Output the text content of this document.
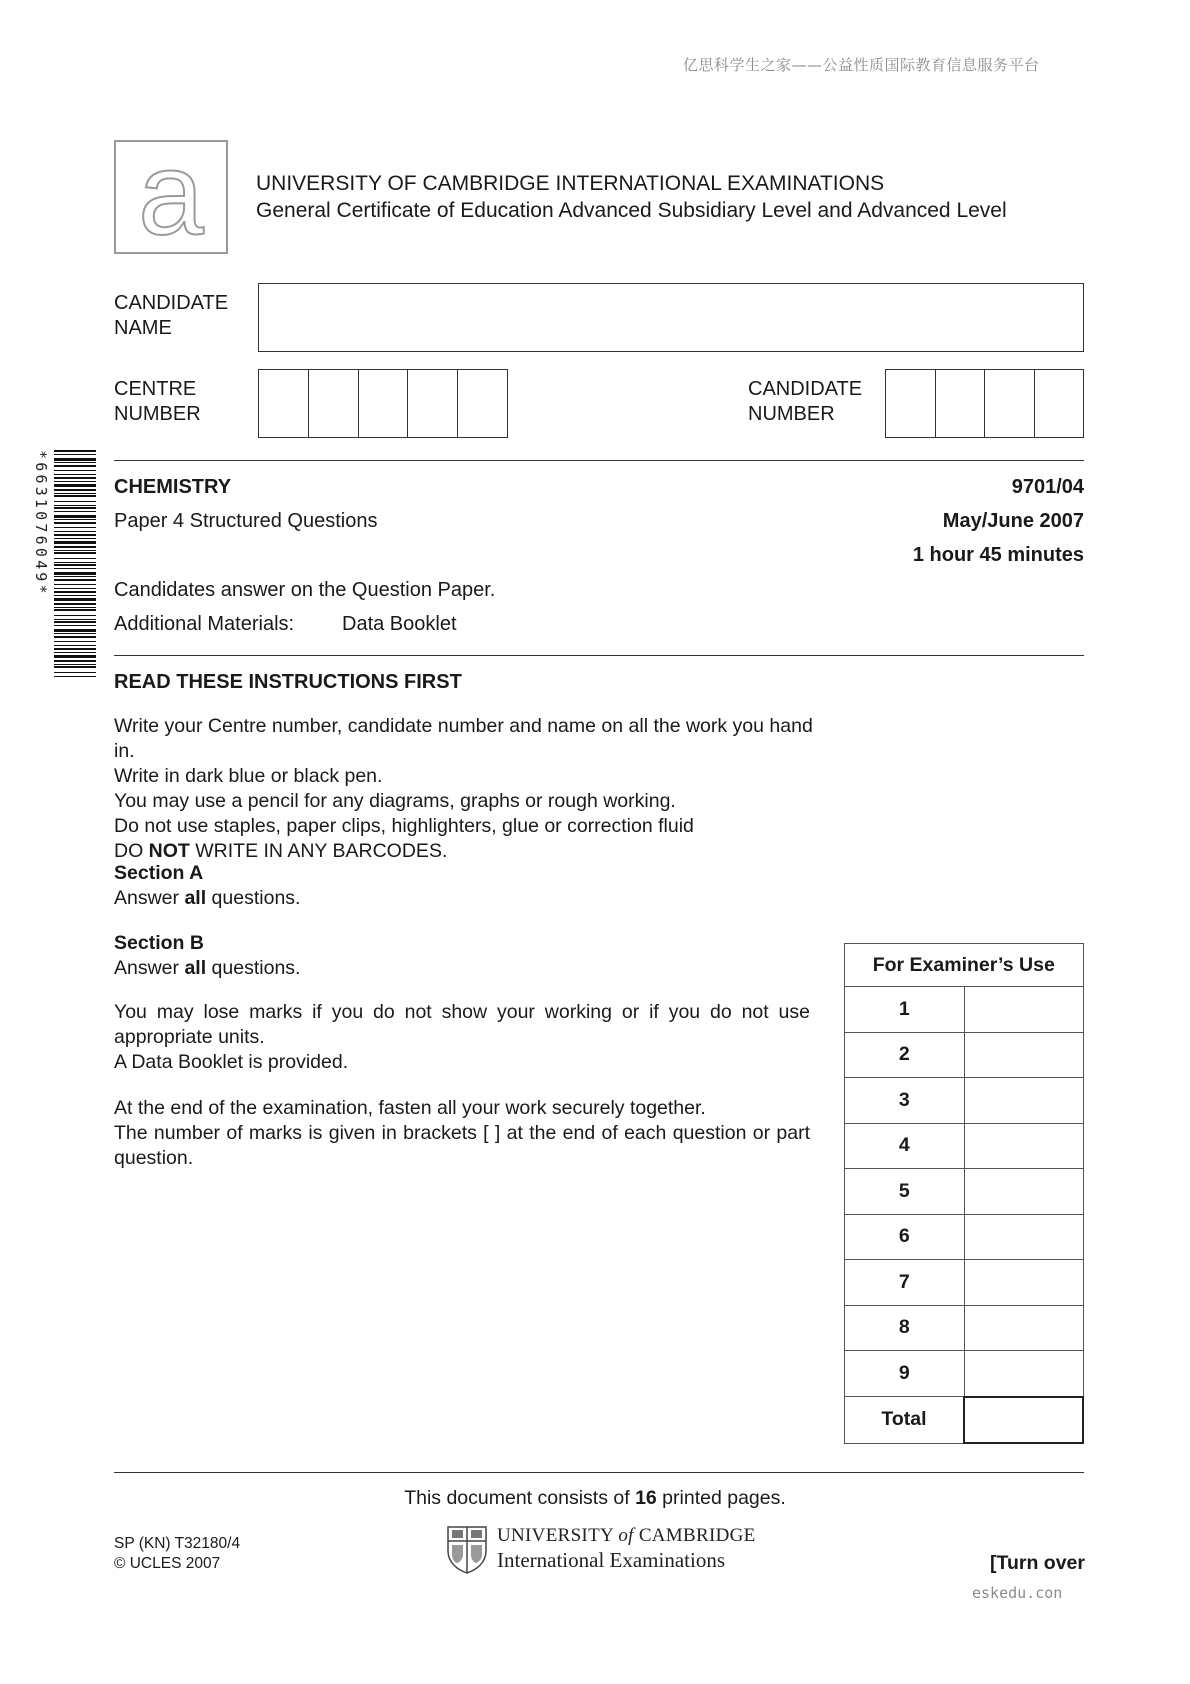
亿思科学生之家——公益性质国际教育信息服务平台
a UNIVERSITY OF CAMBRIDGE INTERNATIONAL EXAMINATIONS
General Certificate of Education Advanced Subsidiary Level and Advanced Level
CANDIDATE
NAME
CENTRE
NUMBER
CANDIDATE
NUMBER
*6631076049*	CHEMISTRY	9701/04
Paper 4 Structured Questions	May/June 2007
1 hour 45 minutes
Candidates answer on the Question Paper.
Additional Materials: Data Booklet
READ THESE INSTRUCTIONS FIRST

Write your Centre number, candidate number and name on all the work you hand in.

Write in dark blue or black pen.

You may use a pencil for any diagrams, graphs or rough working.

Do not use staples, paper clips, highlighters, glue or correction fluid

DO NOT WRITE IN ANY BARCODES.

Section A

Answer all questions.

Section B

Answer all questions.

You may lose marks if you do not show your working or if you do not use appropriate units.

A Data Booklet is provided.

At the end of the examination, fasten all your work securely together.

The number of marks is given in brackets [ ] at the end of each question or part question.

For Examiner’s Use	
1	
2	
3	
4	
5	
6	
7	
8	
9	
Total	
This document consists of 16 printed pages.
SP (KN) T32180/4
© UCLES 2007
UNIVERSITY of CAMBRIDGE
International Examinations	[Turn over
eskedu.con
